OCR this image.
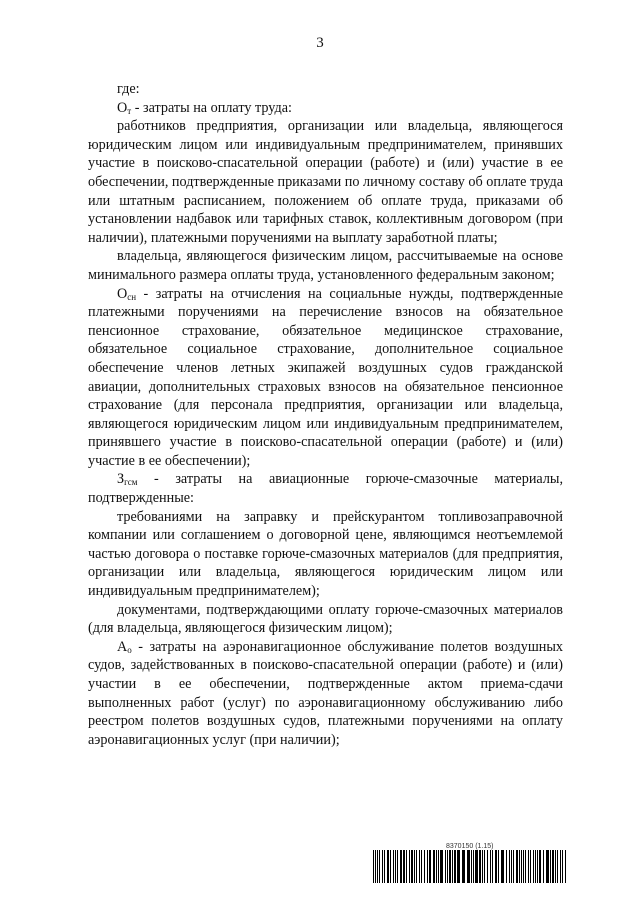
3

где:

$О_т$ - затраты на оплату труда:

работников предприятия, организации или владельца, являющегося юридическим лицом или индивидуальным предпринимателем, принявших участие в поисково-спасательной операции (работе) и (или) участие в ее обеспечении, подтвержденные приказами по личному составу об оплате труда или штатным расписанием, положением об оплате труда, приказами об установлении надбавок или тарифных ставок, коллективным договором (при наличии), платежными поручениями на выплату заработной платы;

владельца, являющегося физическим лицом, рассчитываемые на основе минимального размера оплаты труда, установленного федеральным законом;

$О_{сн}$ - затраты на отчисления на социальные нужды, подтвержденные платежными поручениями на перечисление взносов на обязательное пенсионное страхование, обязательное медицинское страхование, обязательное социальное страхование, дополнительное социальное обеспечение членов летных экипажей воздушных судов гражданской авиации, дополнительных страховых взносов на обязательное пенсионное страхование (для персонала предприятия, организации или владельца, являющегося юридическим лицом или индивидуальным предпринимателем, принявшего участие в поисково-спасательной операции (работе) и (или) участие в ее обеспечении);

$З_{гсм}$ - затраты на авиационные горюче-смазочные материалы, подтвержденные:

требованиями на заправку и прейскурантом топливозаправочной компании или соглашением о договорной цене, являющимся неотъемлемой частью договора о поставке горюче-смазочных материалов (для предприятия, организации или владельца, являющегося юридическим лицом или индивидуальным предпринимателем);

документами, подтверждающими оплату горюче-смазочных материалов (для владельца, являющегося физическим лицом);

$А_о$ - затраты на аэронавигационное обслуживание полетов воздушных судов, задействованных в поисково-спасательной операции (работе) и (или) участии в ее обеспечении, подтвержденные актом приема-сдачи выполненных работ (услуг) по аэронавигационному обслуживанию либо реестром полетов воздушных судов, платежными поручениями на оплату аэронавигационных услуг (при наличии);

8370150 (1.15)
